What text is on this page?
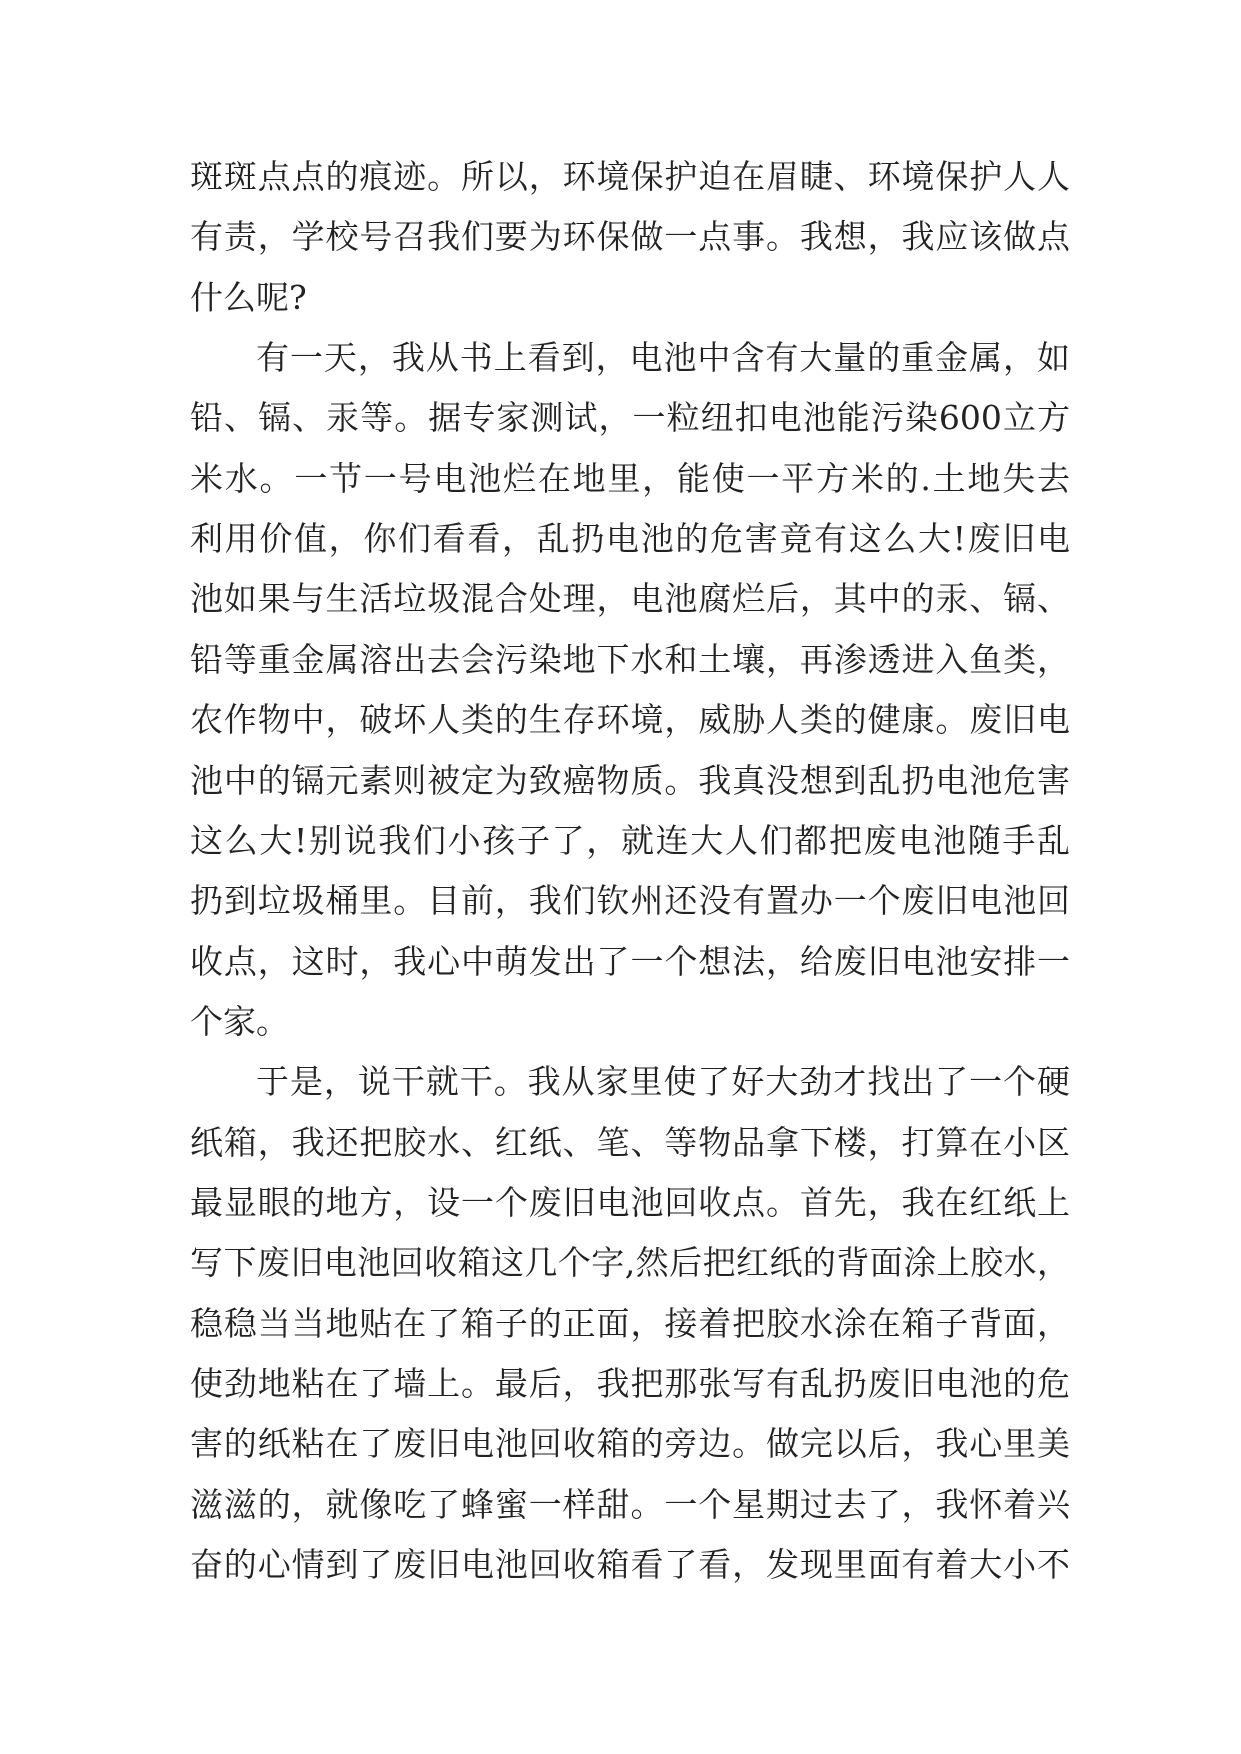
斑斑点点的痕迹。所以，环境保护迫在眉睫、环境保护人人
有责，学校号召我们要为环保做一点事。我想，我应该做点
什么呢?
有一天，我从书上看到，电池中含有大量的重金属，如
铅、镉、汞等。据专家测试，一粒纽扣电池能污染600立方
米水。一节一号电池烂在地里，能使一平方米的.土地失去
利用价值，你们看看，乱扔电池的危害竟有这么大!废旧电
池如果与生活垃圾混合处理，电池腐烂后，其中的汞、镉、
铅等重金属溶出去会污染地下水和土壤，再渗透进入鱼类，
农作物中，破坏人类的生存环境，威胁人类的健康。废旧电
池中的镉元素则被定为致癌物质。我真没想到乱扔电池危害
这么大!别说我们小孩子了，就连大人们都把废电池随手乱
扔到垃圾桶里。目前，我们钦州还没有置办一个废旧电池回
收点，这时，我心中萌发出了一个想法，给废旧电池安排一
个家。
于是，说干就干。我从家里使了好大劲才找出了一个硬
纸箱，我还把胶水、红纸、笔、等物品拿下楼，打算在小区
最显眼的地方，设一个废旧电池回收点。首先，我在红纸上
写下废旧电池回收箱这几个字,然后把红纸的背面涂上胶水，
稳稳当当地贴在了箱子的正面，接着把胶水涂在箱子背面，
使劲地粘在了墙上。最后，我把那张写有乱扔废旧电池的危
害的纸粘在了废旧电池回收箱的旁边。做完以后，我心里美
滋滋的，就像吃了蜂蜜一样甜。一个星期过去了，我怀着兴
奋的心情到了废旧电池回收箱看了看，发现里面有着大小不
